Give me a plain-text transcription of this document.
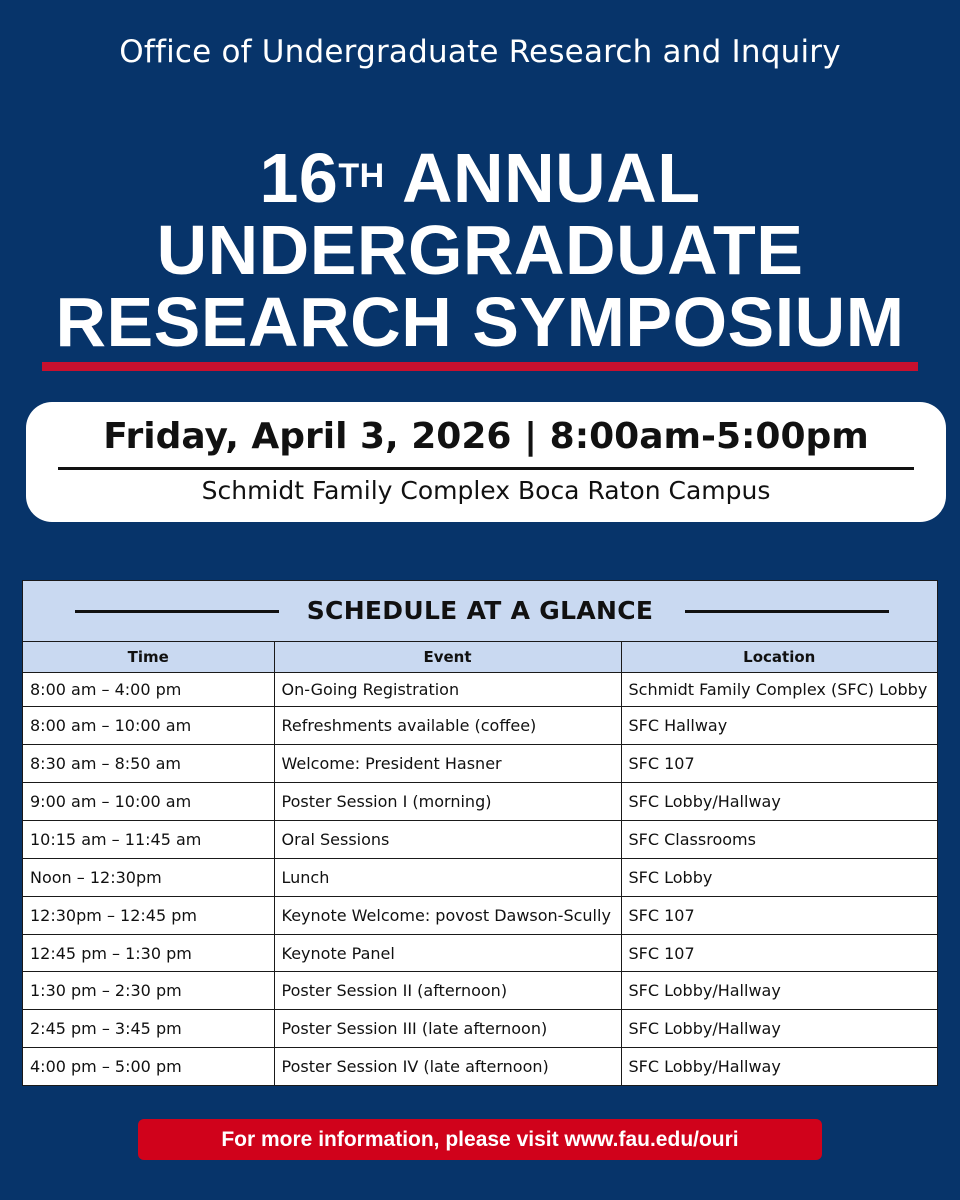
Office of Undergraduate Research and Inquiry
16TH ANNUAL
UNDERGRADUATE
RESEARCH SYMPOSIUM
Friday, April 3, 2026 | 8:00am-5:00pm
Schmidt Family Complex Boca Raton Campus
SCHEDULE AT A GLANCE
Time	Event	Location
8:00 am – 4:00 pm	On-Going Registration	Schmidt Family Complex (SFC) Lobby
8:00 am – 10:00 am	Refreshments available (coffee)	SFC Hallway
8:30 am – 8:50 am	Welcome: President Hasner	SFC 107
9:00 am – 10:00 am	Poster Session I (morning)	SFC Lobby/Hallway
10:15 am – 11:45 am	Oral Sessions	SFC Classrooms
Noon – 12:30pm	Lunch	SFC Lobby
12:30pm – 12:45 pm	Keynote Welcome: povost Dawson-Scully	SFC 107
12:45 pm – 1:30 pm	Keynote Panel	SFC 107
1:30 pm – 2:30 pm	Poster Session II (afternoon)	SFC Lobby/Hallway
2:45 pm – 3:45 pm	Poster Session III (late afternoon)	SFC Lobby/Hallway
4:00 pm – 5:00 pm	Poster Session IV (late afternoon)	SFC Lobby/Hallway
For more information, please visit www.fau.edu/ouri
